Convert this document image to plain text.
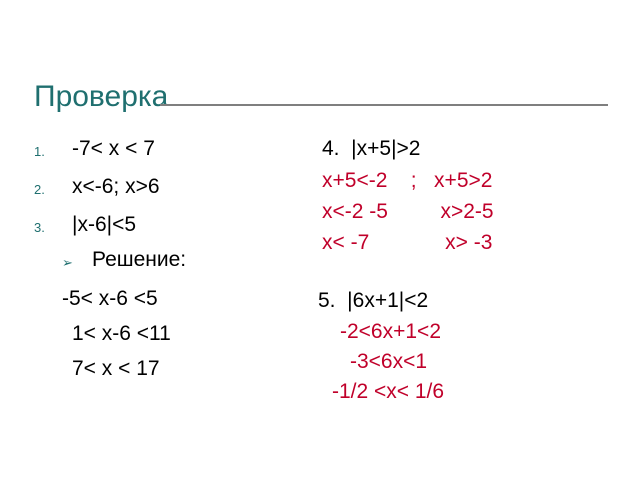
Проверка
1. -7< x < 7
2. x<-6; x>6
3. |x-6|<5
➢ Решение:
-5< x-6 <5
1< x-6 <11
7< x < 17
4.  |x+5|>2
x+5<-2    ;   x+5>2
x<-2 -5         x>2-5
x< -7             x> -3
5.  |6x+1|<2
-2<6x+1<2
-3<6x<1
-1/2 <x< 1/6
